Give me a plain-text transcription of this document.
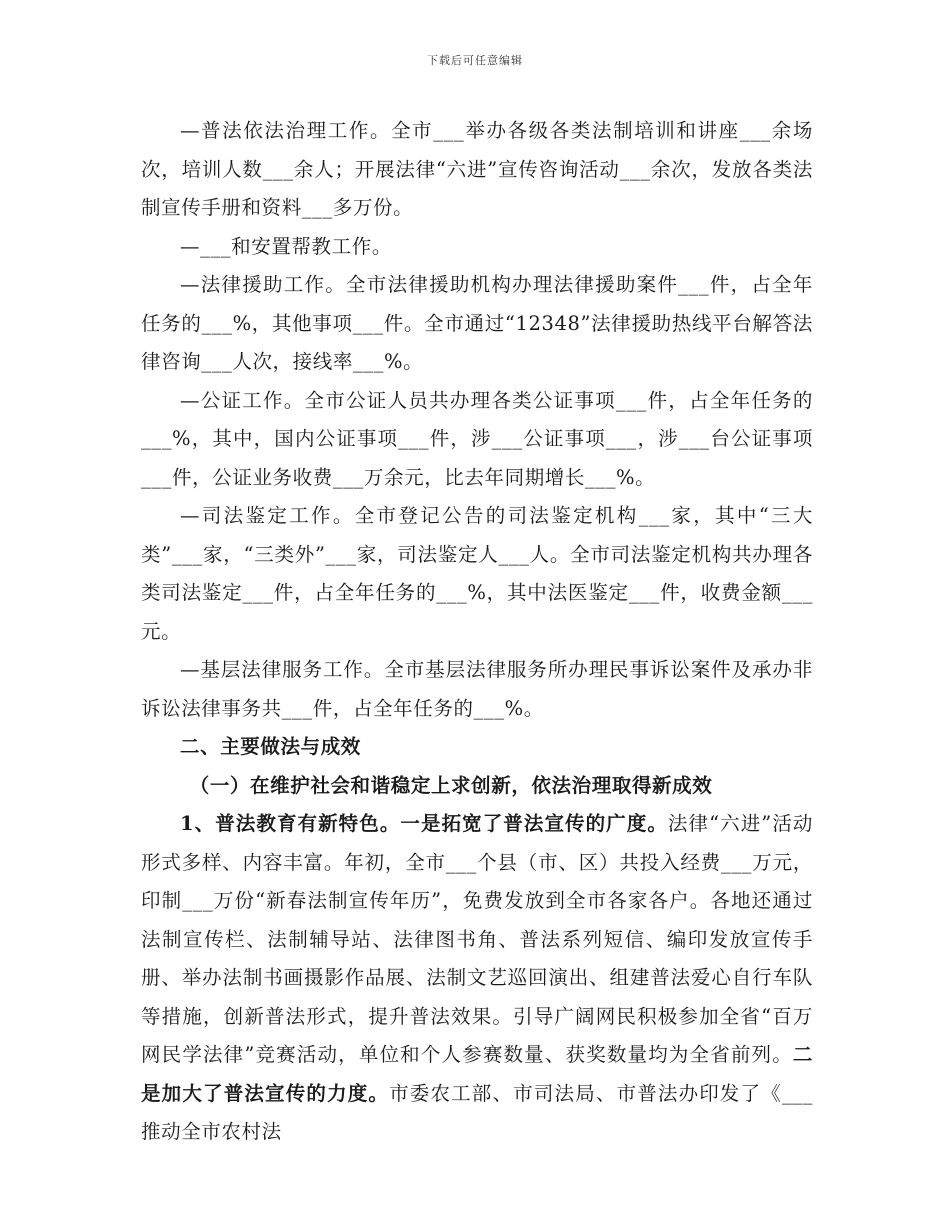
下载后可任意编辑

—普法依法治理工作。全市___举办各级各类法制培训和讲座___余场次，培训人数___余人；开展法律“六进”宣传咨询活动___余次，发放各类法制宣传手册和资料___多万份。

—___和安置帮教工作。

—法律援助工作。全市法律援助机构办理法律援助案件___件，占全年任务的___%，其他事项___件。全市通过“12348”法律援助热线平台解答法律咨询___人次，接线率___%。

—公证工作。全市公证人员共办理各类公证事项___件，占全年任务的___%，其中，国内公证事项___件，涉___公证事项___，涉___台公证事项___件，公证业务收费___万余元，比去年同期增长___%。

—司法鉴定工作。全市登记公告的司法鉴定机构___家，其中“三大类”___家，“三类外”___家，司法鉴定人___人。全市司法鉴定机构共办理各类司法鉴定___件，占全年任务的___%，其中法医鉴定___件，收费金额___元。

—基层法律服务工作。全市基层法律服务所办理民事诉讼案件及承办非诉讼法律事务共___件，占全年任务的___%。

二、主要做法与成效

（一）在维护社会和谐稳定上求创新，依法治理取得新成效

1、普法教育有新特色。一是拓宽了普法宣传的广度。法律“六进”活动形式多样、内容丰富。年初，全市___个县（市、区）共投入经费___万元，印制___万份“新春法制宣传年历”，免费发放到全市各家各户。各地还通过法制宣传栏、法制辅导站、法律图书角、普法系列短信、编印发放宣传手册、举办法制书画摄影作品展、法制文艺巡回演出、组建普法爱心自行车队等措施，创新普法形式，提升普法效果。引导广阔网民积极参加全省“百万网民学法律”竞赛活动，单位和个人参赛数量、获奖数量均为全省前列。二是加大了普法宣传的力度。市委农工部、市司法局、市普法办印发了《___推动全市农村法
